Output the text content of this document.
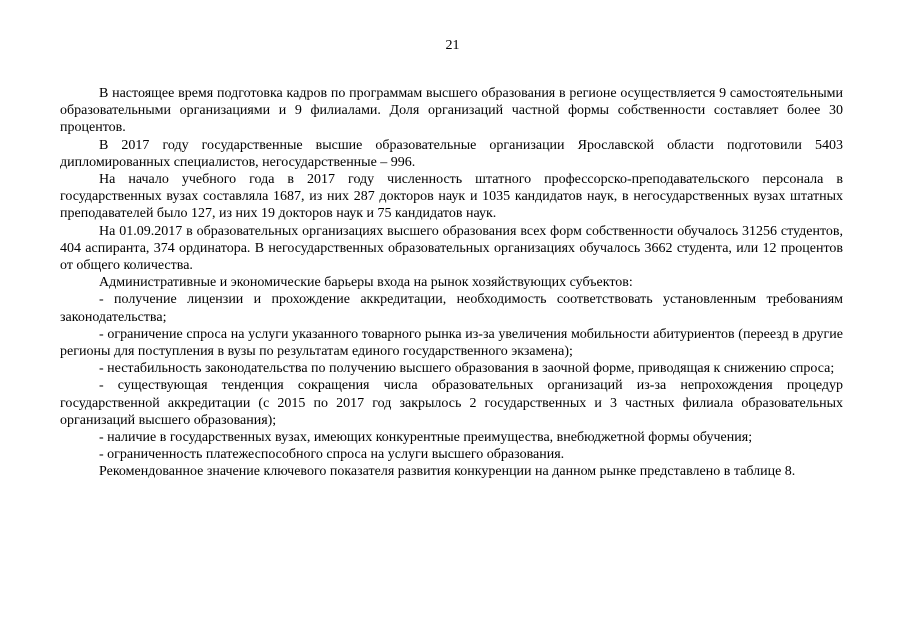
21

В настоящее время подготовка кадров по программам высшего образования в регионе осуществляется 9 самостоятельными образовательными организациями и 9 филиалами. Доля организаций частной формы собственности составляет более 30 процентов.

В 2017 году государственные высшие образовательные организации Ярославской области подготовили 5403 дипломированных специалистов, негосударственные – 996.

На начало учебного года в 2017 году численность штатного профессорско-преподавательского персонала в государственных вузах составляла 1687, из них 287 докторов наук и 1035 кандидатов наук, в негосударственных вузах штатных преподавателей было 127, из них 19 докторов наук и 75 кандидатов наук.

На 01.09.2017 в образовательных организациях высшего образования всех форм собственности обучалось 31256 студентов, 404 аспиранта, 374 ординатора. В негосударственных образовательных организациях обучалось 3662 студента, или 12 процентов от общего количества.

Административные и экономические барьеры входа на рынок хозяйствующих субъектов:

- получение лицензии и прохождение аккредитации, необходимость соответствовать установленным требованиям законодательства;

- ограничение спроса на услуги указанного товарного рынка из-за увеличения мобильности абитуриентов (переезд в другие регионы для поступления в вузы по результатам единого государственного экзамена);

- нестабильность законодательства по получению высшего образования в заочной форме, приводящая к снижению спроса;

- существующая тенденция сокращения числа образовательных организаций из-за непрохождения процедур государственной аккредитации (с 2015 по 2017 год закрылось 2 государственных и 3 частных филиала образовательных организаций высшего образования);

- наличие в государственных вузах, имеющих конкурентные преимущества, внебюджетной формы обучения;

- ограниченность платежеспособного спроса на услуги высшего образования.

Рекомендованное значение ключевого показателя развития конкуренции на данном рынке представлено в таблице 8.
